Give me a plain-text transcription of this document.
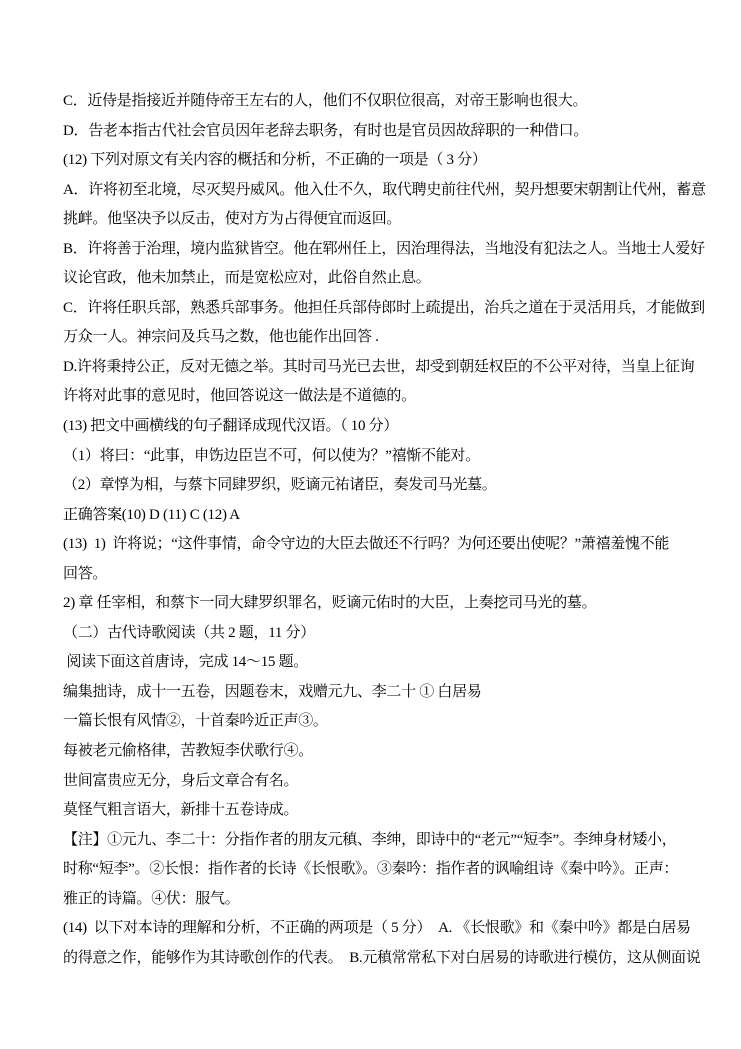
C．近侍是指接近并随侍帝王左右的人，他们不仅职位很高，对帝王影响也很大。
D．告老本指古代社会官员因年老辞去职务，有时也是官员因故辞职的一种借口。
(12) 下列对原文有关内容的概括和分析，不正确的一项是（ 3 分）
A．许将初至北境，尽灭契丹威风。他入仕不久，取代聘史前往代州，契丹想要宋朝割让代州，蓄意
挑衅。他坚决予以反击，使对方为占得便宜而返回。
B．许将善于治理，境内监狱皆空。他在郓州任上，因治理得法，当地没有犯法之人。当地士人爱好
议论官政，他未加禁止，而是宽松应对，此俗自然止息。
C．许将任职兵部，熟悉兵部事务。他担任兵部侍郎时上疏提出，治兵之道在于灵活用兵，才能做到
万众一人。神宗问及兵马之数，他也能作出回答 .
D.许将秉持公正，反对无德之举。其时司马光已去世，却受到朝廷权臣的不公平对待，当皇上征询
许将对此事的意见时，他回答说这一做法是不道德的。
(13) 把文中画横线的句子翻译成现代汉语。（ 10 分）
（1）将曰：“此事，申饬边臣岂不可，何以使为？”禧惭不能对。
（2）章惇为相，与蔡卞同肆罗织，贬谪元祐诸臣，奏发司马光墓。
正确答案(10) D (11) C (12) A
(13)  1)  许将说；“这件事情，命令守边的大臣去做还不行吗？为何还要出使呢？”萧禧羞愧不能
回答。
2) 章 任宰相，和蔡卞一同大肆罗织罪名，贬谪元佑时的大臣，上奏挖司马光的墓。
（二）古代诗歌阅读（共 2 题，11 分）
阅读下面这首唐诗，完成 14～15 题。
编集拙诗，成十一五卷，因题卷末，戏赠元九、李二十 ① 白居易
一篇长恨有风情②，十首秦吟近正声③。
每被老元偷格律，苦教短李伏歌行④。
世间富贵应无分，身后文章合有名。
莫怪气粗言语大，新排十五卷诗成。
【注】①元九、李二十：分指作者的朋友元稹、李绅，即诗中的“老元”“短李”。李绅身材矮小，
时称“短李”。②长恨：指作者的长诗《长恨歌》。③秦吟：指作者的讽喻组诗《秦中吟》。正声：
雅正的诗篇。④伏：服气。
(14)  以下对本诗的理解和分析，不正确的两项是（ 5 分）  A. 《长恨歌》和《秦中吟》都是白居易
的得意之作，能够作为其诗歌创作的代表。  B.元稹常常私下对白居易的诗歌进行模仿，这从侧面说
